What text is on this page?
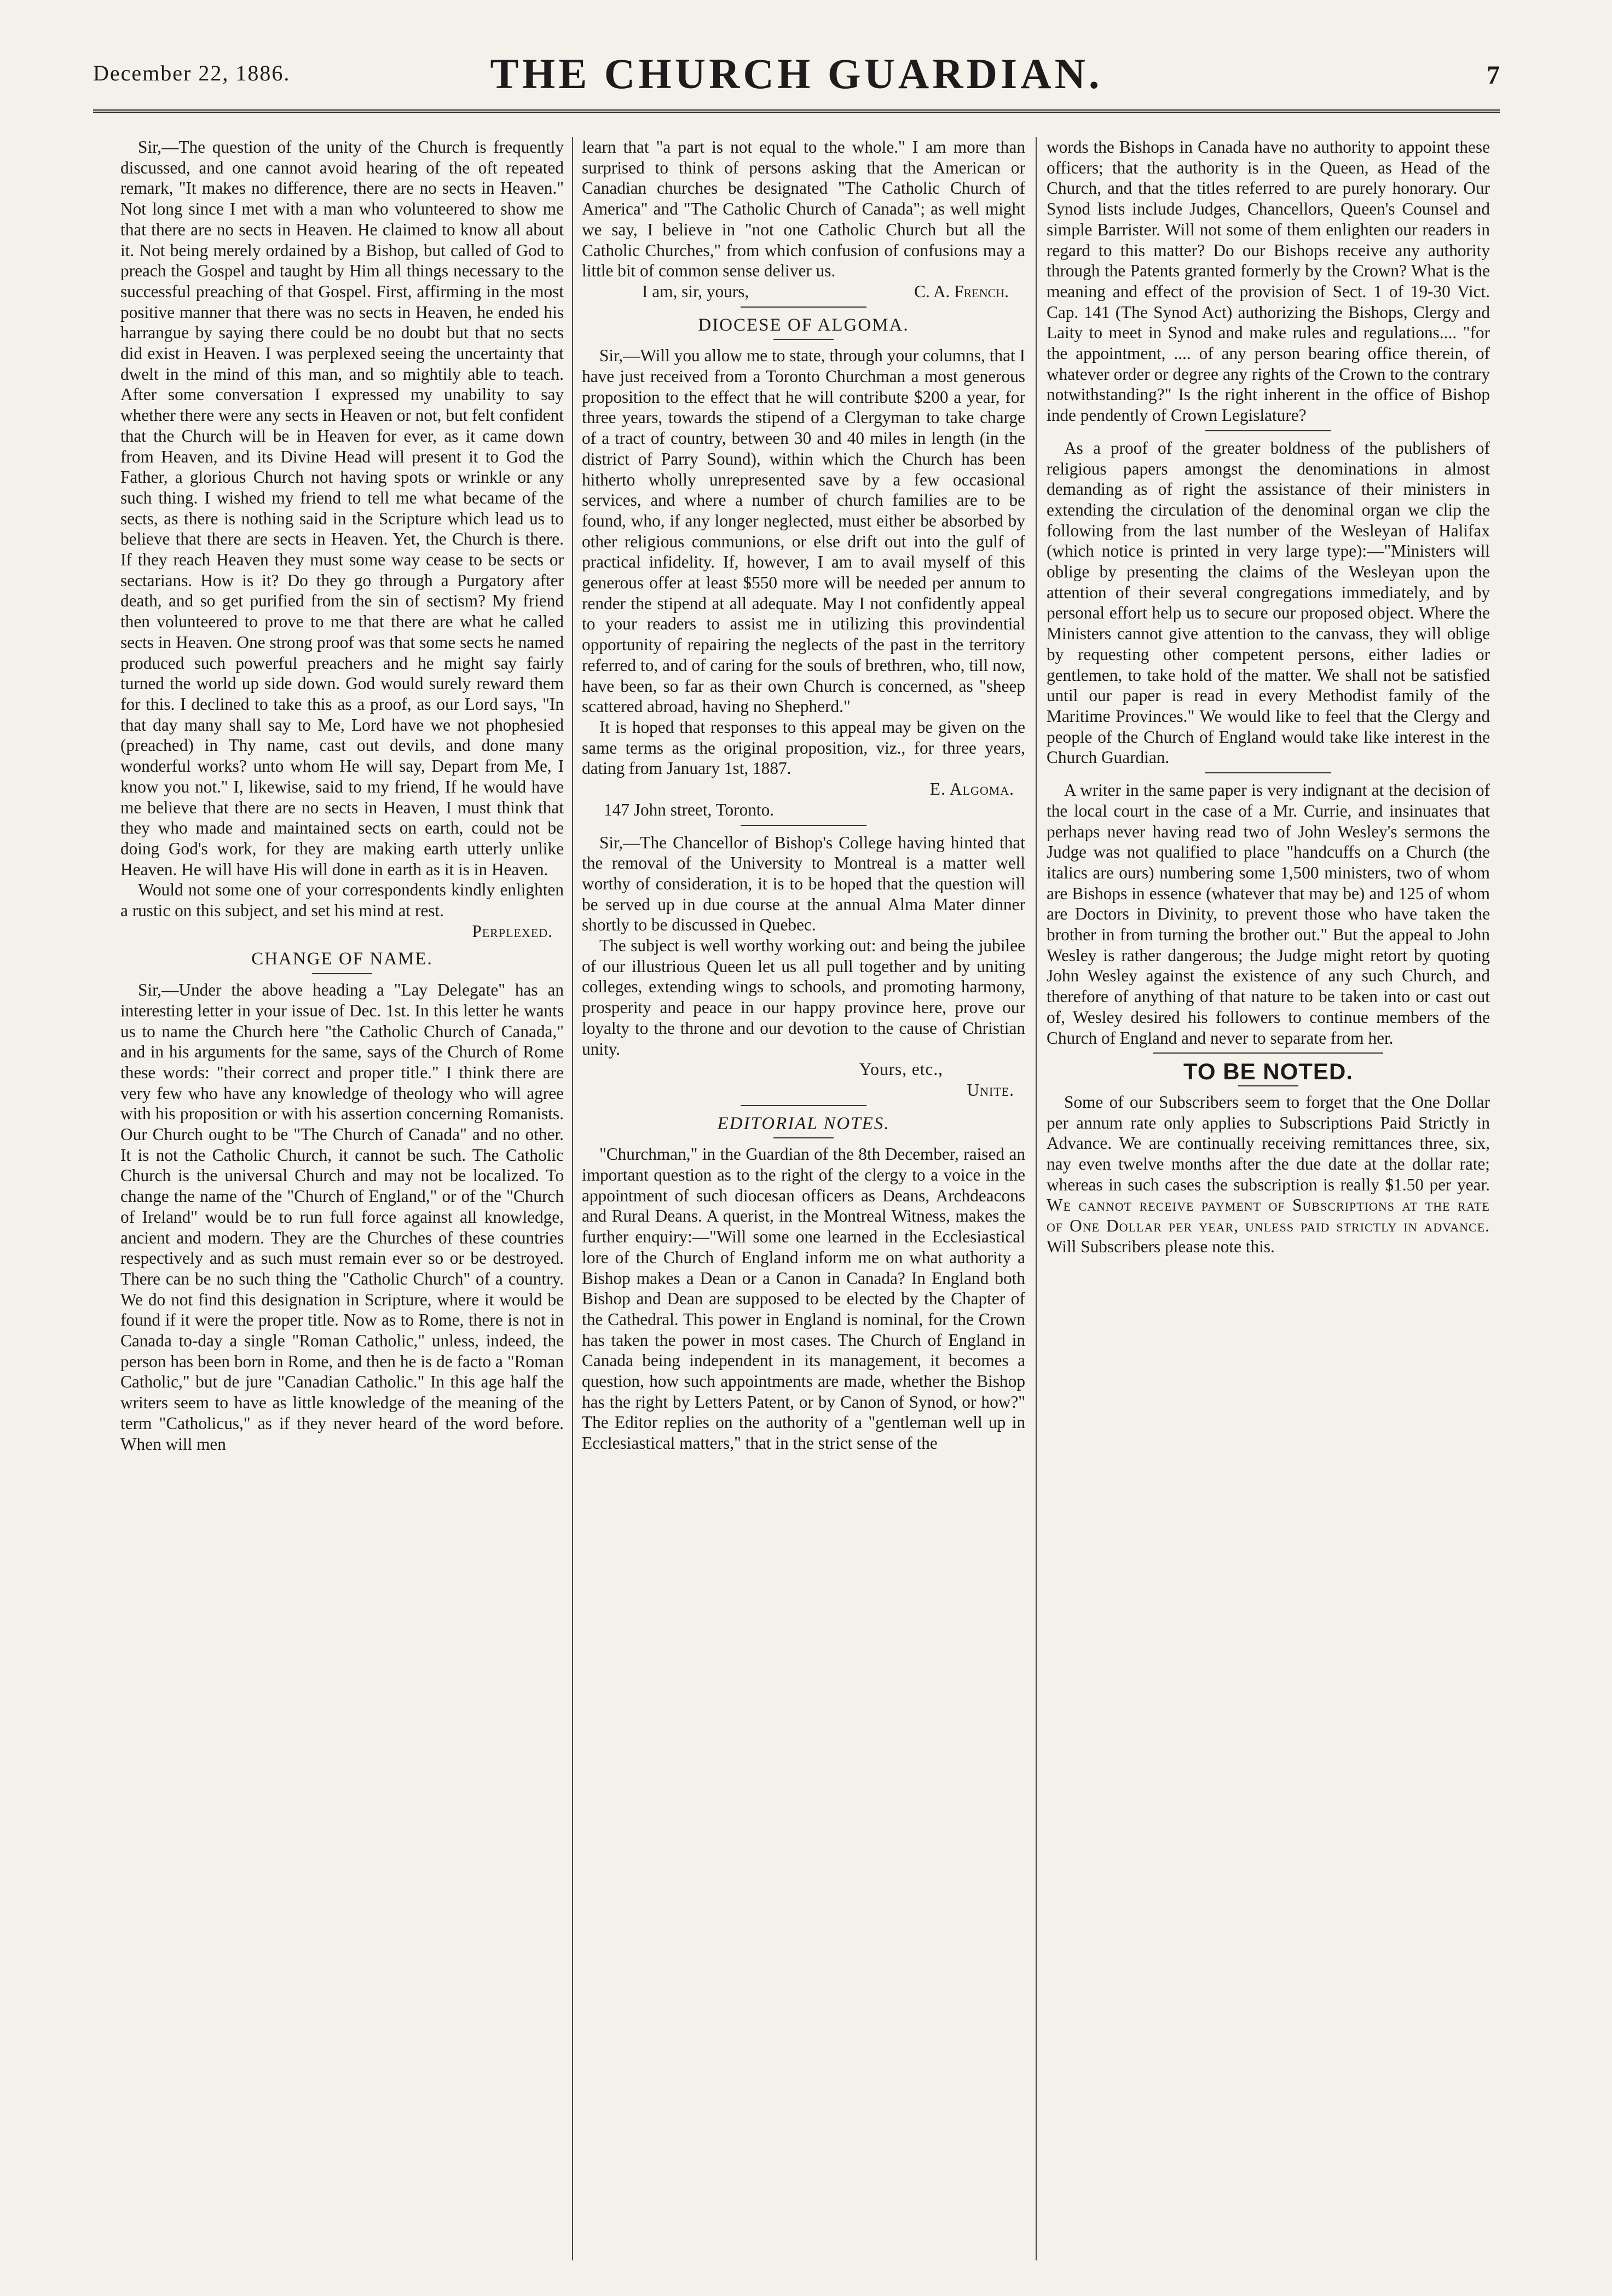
December 22, 1886.	THE CHURCH GUARDIAN.	7

Sir,—The question of the unity of the Church is frequently discussed, and one cannot avoid hearing of the oft repeated remark, "It makes no difference, there are no sects in Heaven." Not long since I met with a man who volunteered to show me that there are no sects in Heaven. He claimed to know all about it. Not being merely ordained by a Bishop, but called of God to preach the Gospel and taught by Him all things necessary to the successful preaching of that Gospel. First, affirming in the most positive manner that there was no sects in Heaven, he ended his harrangue by saying there could be no doubt but that no sects did exist in Heaven. I was perplexed seeing the uncertainty that dwelt in the mind of this man, and so mightily able to teach. After some conversation I expressed my unability to say whether there were any sects in Heaven or not, but felt confident that the Church will be in Heaven for ever, as it came down from Heaven, and its Divine Head will present it to God the Father, a glorious Church not having spots or wrinkle or any such thing. I wished my friend to tell me what became of the sects, as there is nothing said in the Scripture which lead us to believe that there are sects in Heaven. Yet, the Church is there. If they reach Heaven they must some way cease to be sects or sectarians. How is it? Do they go through a Purgatory after death, and so get purified from the sin of sectism? My friend then volunteered to prove to me that there are what he called sects in Heaven. One strong proof was that some sects he named produced such powerful preachers and he might say fairly turned the world up side down. God would surely reward them for this. I declined to take this as a proof, as our Lord says, "In that day many shall say to Me, Lord have we not phophesied (preached) in Thy name, cast out devils, and done many wonderful works? unto whom He will say, Depart from Me, I know you not." I, likewise, said to my friend, If he would have me believe that there are no sects in Heaven, I must think that they who made and maintained sects on earth, could not be doing God's work, for they are making earth utterly unlike Heaven. He will have His will done in earth as it is in Heaven.

Would not some one of your correspondents kindly enlighten a rustic on this subject, and set his mind at rest.

Perplexed.
CHANGE OF NAME.

Sir,—Under the above heading a "Lay Delegate" has an interesting letter in your issue of Dec. 1st. In this letter he wants us to name the Church here "the Catholic Church of Canada," and in his arguments for the same, says of the Church of Rome these words: "their correct and proper title." I think there are very few who have any knowledge of theology who will agree with his proposition or with his assertion concerning Romanists. Our Church ought to be "The Church of Canada" and no other. It is not the Catholic Church, it cannot be such. The Catholic Church is the universal Church and may not be localized. To change the name of the "Church of England," or of the "Church of Ireland" would be to run full force against all knowledge, ancient and modern. They are the Churches of these countries respectively and as such must remain ever so or be destroyed. There can be no such thing the "Catholic Church" of a country. We do not find this designation in Scripture, where it would be found if it were the proper title. Now as to Rome, there is not in Canada to-day a single "Roman Catholic," unless, indeed, the person has been born in Rome, and then he is de facto a "Roman Catholic," but de jure "Canadian Catholic." In this age half the writers seem to have as little knowledge of the meaning of the term "Catholicus," as if they never heard of the word before. When will men

learn that "a part is not equal to the whole." I am more than surprised to think of persons asking that the American or Canadian churches be designated "The Catholic Church of America" and "The Catholic Church of Canada"; as well might we say, I believe in "not one Catholic Church but all the Catholic Churches," from which confusion of confusions may a little bit of common sense deliver us.

I am, sir, yours,	C. A. French.
DIOCESE OF ALGOMA.

Sir,—Will you allow me to state, through your columns, that I have just received from a Toronto Churchman a most generous proposition to the effect that he will contribute $200 a year, for three years, towards the stipend of a Clergyman to take charge of a tract of country, between 30 and 40 miles in length (in the district of Parry Sound), within which the Church has been hitherto wholly unrepresented save by a few occasional services, and where a number of church families are to be found, who, if any longer neglected, must either be absorbed by other religious communions, or else drift out into the gulf of practical infidelity. If, however, I am to avail myself of this generous offer at least $550 more will be needed per annum to render the stipend at all adequate. May I not confidently appeal to your readers to assist me in utilizing this provindential opportunity of repairing the neglects of the past in the territory referred to, and of caring for the souls of brethren, who, till now, have been, so far as their own Church is concerned, as "sheep scattered abroad, having no Shepherd."

It is hoped that responses to this appeal may be given on the same terms as the original proposition, viz., for three years, dating from January 1st, 1887.

E. Algoma.

147 John street, Toronto.

Sir,—The Chancellor of Bishop's College having hinted that the removal of the University to Montreal is a matter well worthy of consideration, it is to be hoped that the question will be served up in due course at the annual Alma Mater dinner shortly to be discussed in Quebec.

The subject is well worthy working out: and being the jubilee of our illustrious Queen let us all pull together and by uniting colleges, extending wings to schools, and promoting harmony, prosperity and peace in our happy province here, prove our loyalty to the throne and our devotion to the cause of Christian unity.

Yours, etc.,
Unite.
EDITORIAL NOTES.

"Churchman," in the Guardian of the 8th December, raised an important question as to the right of the clergy to a voice in the appointment of such diocesan officers as Deans, Archdeacons and Rural Deans. A querist, in the Montreal Witness, makes the further enquiry:—"Will some one learned in the Ecclesiastical lore of the Church of England inform me on what authority a Bishop makes a Dean or a Canon in Canada? In England both Bishop and Dean are supposed to be elected by the Chapter of the Cathedral. This power in England is nominal, for the Crown has taken the power in most cases. The Church of England in Canada being independent in its management, it becomes a question, how such appointments are made, whether the Bishop has the right by Letters Patent, or by Canon of Synod, or how?" The Editor replies on the authority of a "gentleman well up in Ecclesiastical matters," that in the strict sense of the

words the Bishops in Canada have no authority to appoint these officers; that the authority is in the Queen, as Head of the Church, and that the titles referred to are purely honorary. Our Synod lists include Judges, Chancellors, Queen's Counsel and simple Barrister. Will not some of them enlighten our readers in regard to this matter? Do our Bishops receive any authority through the Patents granted formerly by the Crown? What is the meaning and effect of the provision of Sect. 1 of 19-30 Vict. Cap. 141 (The Synod Act) authorizing the Bishops, Clergy and Laity to meet in Synod and make rules and regulations.... "for the appointment, .... of any person bearing office therein, of whatever order or degree any rights of the Crown to the contrary notwithstanding?" Is the right inherent in the office of Bishop inde pendently of Crown Legislature?

As a proof of the greater boldness of the publishers of religious papers amongst the denominations in almost demanding as of right the assistance of their ministers in extending the circulation of the denominal organ we clip the following from the last number of the Wesleyan of Halifax (which notice is printed in very large type):—"Ministers will oblige by presenting the claims of the Wesleyan upon the attention of their several congregations immediately, and by personal effort help us to secure our proposed object. Where the Ministers cannot give attention to the canvass, they will oblige by requesting other competent persons, either ladies or gentlemen, to take hold of the matter. We shall not be satisfied until our paper is read in every Methodist family of the Maritime Provinces." We would like to feel that the Clergy and people of the Church of England would take like interest in the Church Guardian.

A writer in the same paper is very indignant at the decision of the local court in the case of a Mr. Currie, and insinuates that perhaps never having read two of John Wesley's sermons the Judge was not qualified to place "handcuffs on a Church (the italics are ours) numbering some 1,500 ministers, two of whom are Bishops in essence (whatever that may be) and 125 of whom are Doctors in Divinity, to prevent those who have taken the brother in from turning the brother out." But the appeal to John Wesley is rather dangerous; the Judge might retort by quoting John Wesley against the existence of any such Church, and therefore of anything of that nature to be taken into or cast out of, Wesley desired his followers to continue members of the Church of England and never to separate from her.

TO BE NOTED.

Some of our Subscribers seem to forget that the One Dollar per annum rate only applies to Subscriptions Paid Strictly in Advance. We are continually receiving remittances three, six, nay even twelve months after the due date at the dollar rate; whereas in such cases the subscription is really $1.50 per year. We cannot receive payment of Subscriptions at the rate of One Dollar per year, unless paid strictly in advance. Will Subscribers please note this.
